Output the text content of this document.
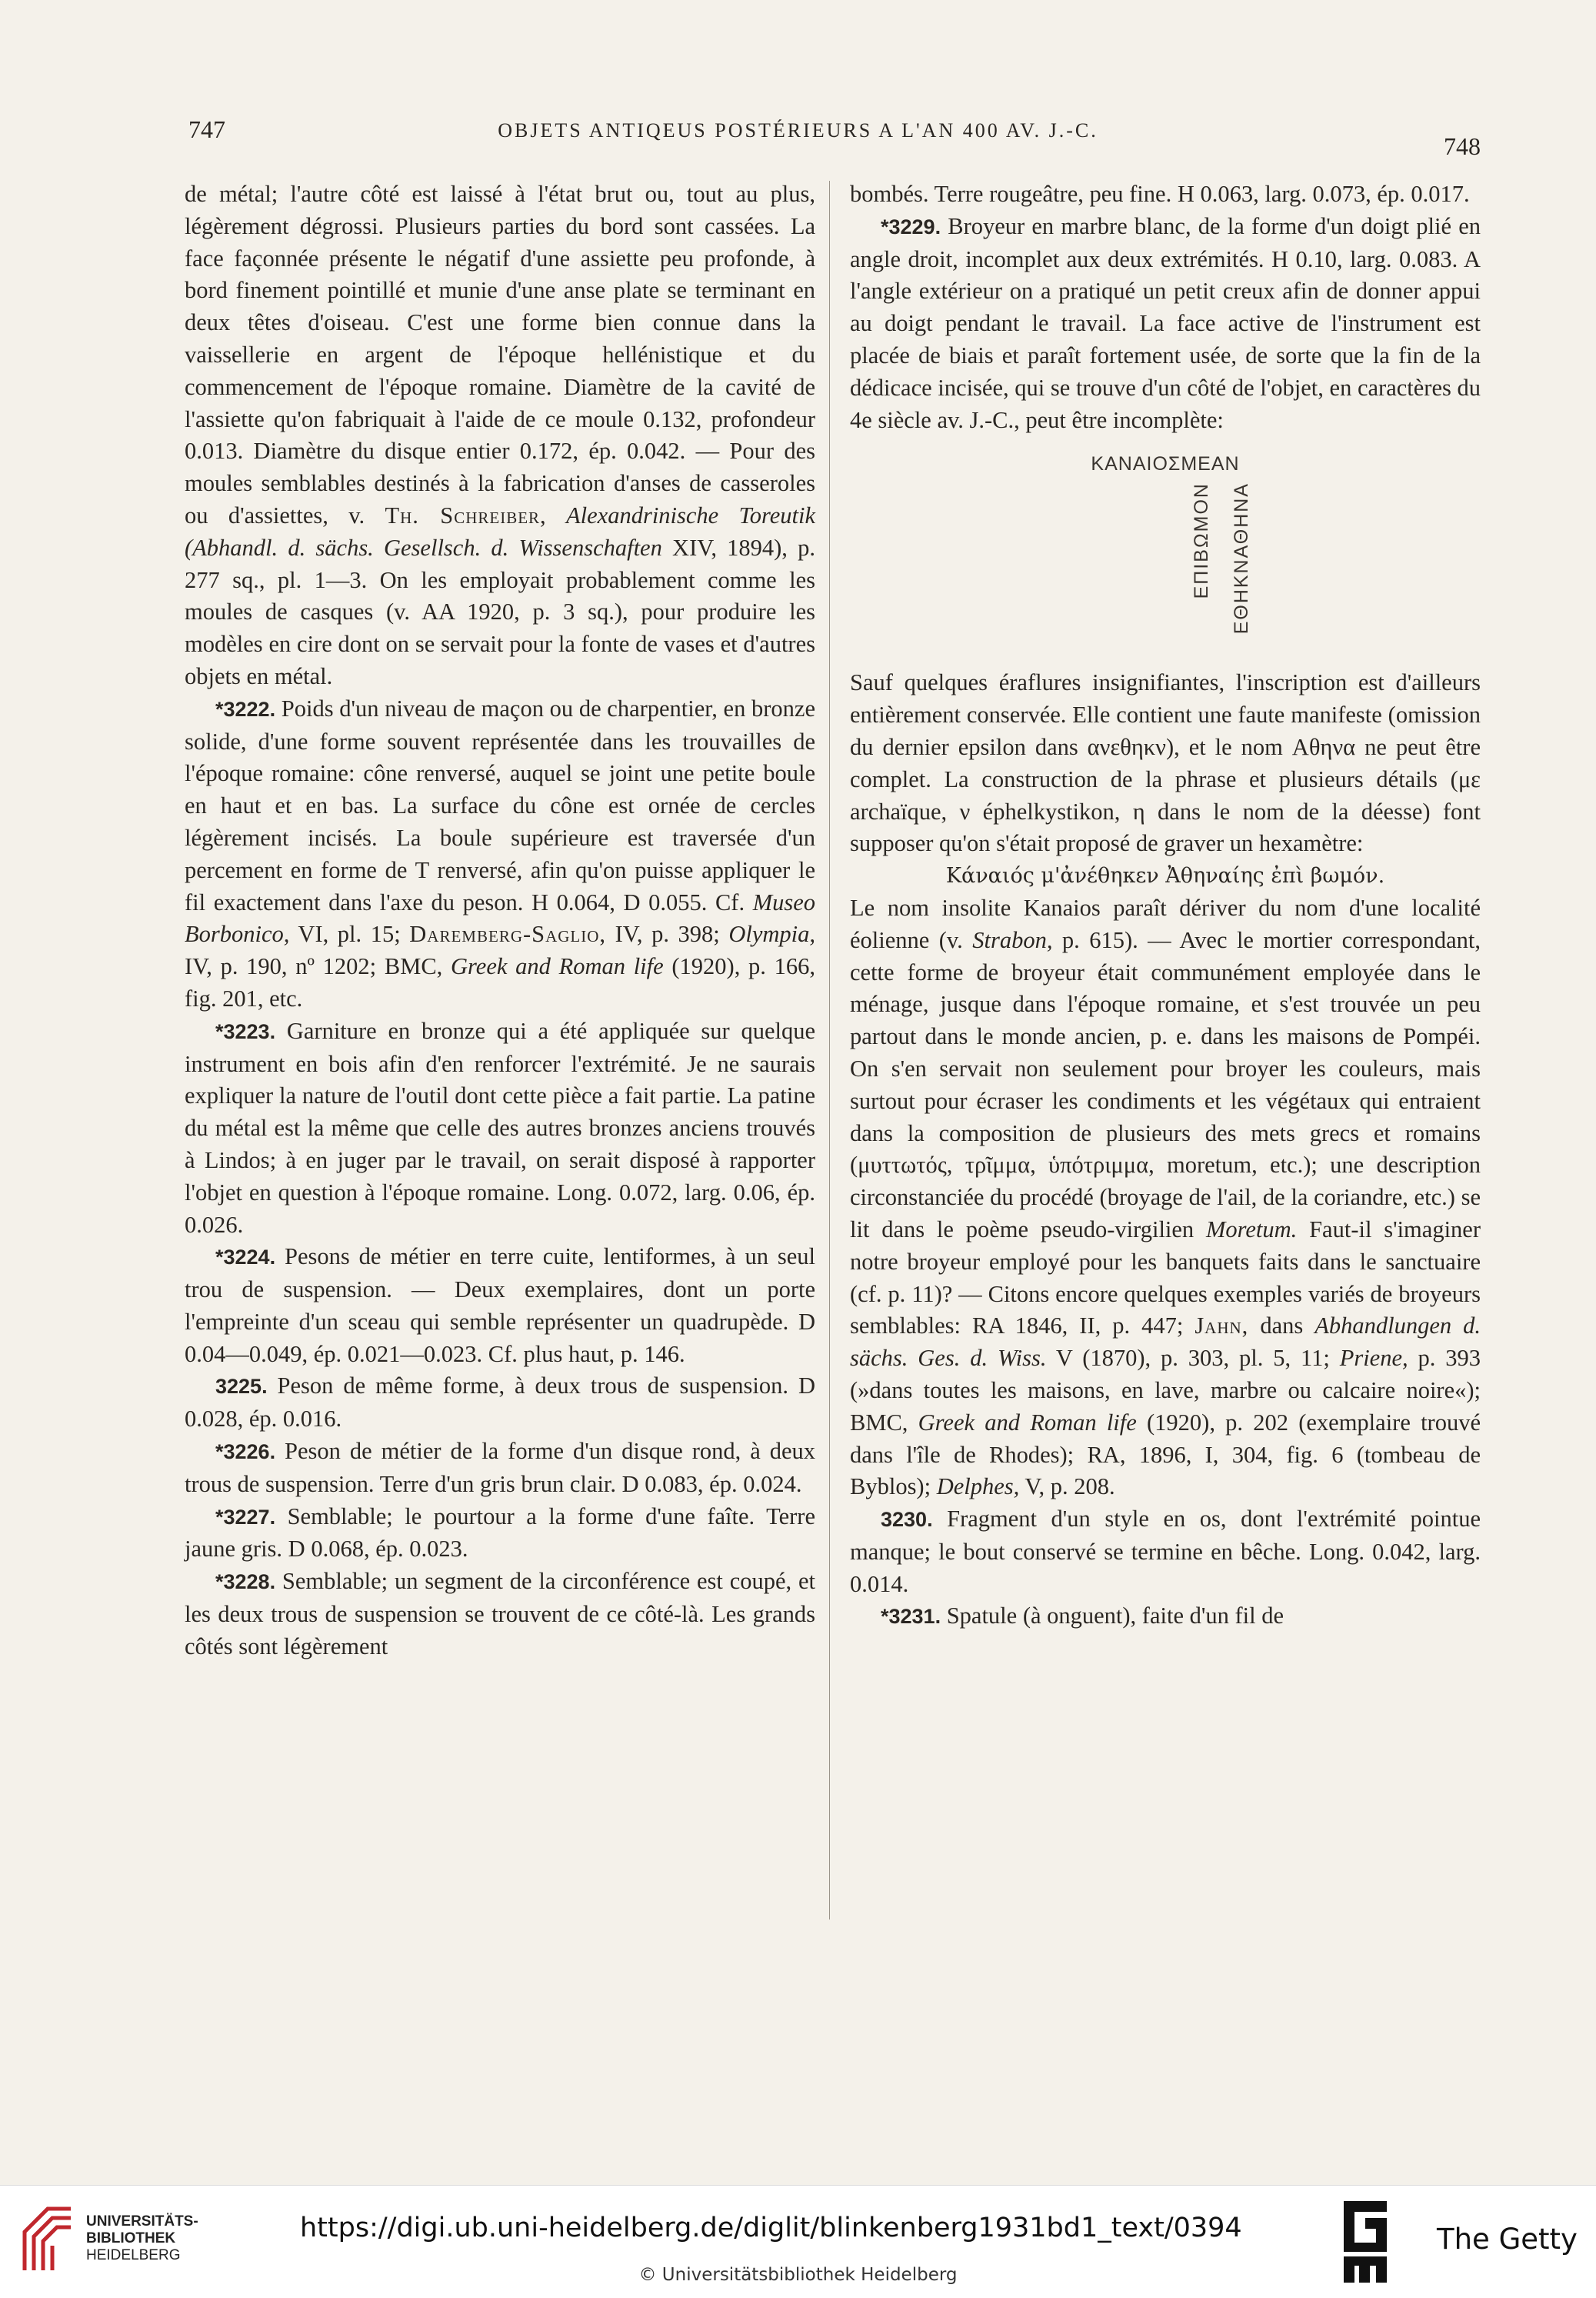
747	OBJETS ANTIQEUS POSTÉRIEURS A L'AN 400 AV. J.-C.
748

de métal; l'autre côté est laissé à l'état brut ou, tout au plus, légèrement dégrossi. Plusieurs parties du bord sont cassées. La face façonnée présente le négatif d'une assiette peu profonde, à bord finement pointillé et munie d'une anse plate se terminant en deux têtes d'oiseau. C'est une forme bien connue dans la vaissellerie en argent de l'époque hellénistique et du commencement de l'époque romaine. Diamètre de la cavité de l'assiette qu'on fabriquait à l'aide de ce moule 0.132, profondeur 0.013. Diamètre du disque entier 0.172, ép. 0.042. — Pour des moules semblables destinés à la fabrication d'anses de casseroles ou d'assiettes, v. Th. Schreiber, Alexandrinische Toreutik (Abhandl. d. sächs. Gesellsch. d. Wissenschaften XIV, 1894), p. 277 sq., pl. 1—3. On les employait probablement comme les moules de casques (v. AA 1920, p. 3 sq.), pour produire les modèles en cire dont on se servait pour la fonte de vases et d'autres objets en métal.

*3222. Poids d'un niveau de maçon ou de charpentier, en bronze solide, d'une forme souvent représentée dans les trouvailles de l'époque romaine: cône renversé, auquel se joint une petite boule en haut et en bas. La surface du cône est ornée de cercles légèrement incisés. La boule supérieure est traversée d'un percement en forme de T renversé, afin qu'on puisse appliquer le fil exactement dans l'axe du peson. H 0.064, D 0.055. Cf. Museo Borbonico, VI, pl. 15; Daremberg-Saglio, IV, p. 398; Olympia, IV, p. 190, nº 1202; BMC, Greek and Roman life (1920), p. 166, fig. 201, etc.

*3223. Garniture en bronze qui a été appliquée sur quelque instrument en bois afin d'en renforcer l'extrémité. Je ne saurais expliquer la nature de l'outil dont cette pièce a fait partie. La patine du métal est la même que celle des autres bronzes anciens trouvés à Lindos; à en juger par le travail, on serait disposé à rapporter l'objet en question à l'époque romaine. Long. 0.072, larg. 0.06, ép. 0.026.

*3224. Pesons de métier en terre cuite, lentiformes, à un seul trou de suspension. — Deux exemplaires, dont un porte l'empreinte d'un sceau qui semble représenter un quadrupède. D 0.04—0.049, ép. 0.021—0.023. Cf. plus haut, p. 146.

3225. Peson de même forme, à deux trous de suspension. D 0.028, ép. 0.016.

*3226. Peson de métier de la forme d'un disque rond, à deux trous de suspension. Terre d'un gris brun clair. D 0.083, ép. 0.024.

*3227. Semblable; le pourtour a la forme d'une faîte. Terre jaune gris. D 0.068, ép. 0.023.

*3228. Semblable; un segment de la circonférence est coupé, et les deux trous de suspension se trouvent de ce côté-là. Les grands côtés sont légèrement

bombés. Terre rougeâtre, peu fine. H 0.063, larg. 0.073, ép. 0.017.

*3229. Broyeur en marbre blanc, de la forme d'un doigt plié en angle droit, incomplet aux deux extrémités. H 0.10, larg. 0.083. A l'angle extérieur on a pratiqué un petit creux afin de donner appui au doigt pendant le travail. La face active de l'instrument est placée de biais et paraît fortement usée, de sorte que la fin de la dédicace incisée, qui se trouve d'un côté de l'objet, en caractères du 4e siècle av. J.-C., peut être incomplète:

ΚΑΝΑΙΟΣΜΕΑΝ
ΕΘΗΚΝΑΘΗΝΑ
ΕΠΙΒΩΜΟΝ

Sauf quelques éraflures insignifiantes, l'inscription est d'ailleurs entièrement conservée. Elle contient une faute manifeste (omission du dernier epsilon dans ανεθηκν), et le nom Αθηνα ne peut être complet. La construction de la phrase et plusieurs détails (με archaïque, ν éphelkystikon, η dans le nom de la déesse) font supposer qu'on s'était proposé de graver un hexamètre:

Κάναιός μ'ἀνέθηκεν Ἀθηναίης ἐπὶ βωμόν.

Le nom insolite Kanaios paraît dériver du nom d'une localité éolienne (v. Strabon, p. 615). — Avec le mortier correspondant, cette forme de broyeur était communément employée dans le ménage, jusque dans l'époque romaine, et s'est trouvée un peu partout dans le monde ancien, p. e. dans les maisons de Pompéi. On s'en servait non seulement pour broyer les couleurs, mais surtout pour écraser les condiments et les végétaux qui entraient dans la composition de plusieurs des mets grecs et romains (μυττωτός, τρῖμμα, ὑπότριμμα, moretum, etc.); une description circonstanciée du procédé (broyage de l'ail, de la coriandre, etc.) se lit dans le poème pseudo-virgilien Moretum. Faut-il s'imaginer notre broyeur employé pour les banquets faits dans le sanctuaire (cf. p. 11)? — Citons encore quelques exemples variés de broyeurs semblables: RA 1846, II, p. 447; Jahn, dans Abhandlungen d. sächs. Ges. d. Wiss. V (1870), p. 303, pl. 5, 11; Priene, p. 393 (»dans toutes les maisons, en lave, marbre ou calcaire noire«); BMC, Greek and Roman life (1920), p. 202 (exemplaire trouvé dans l'île de Rhodes); RA, 1896, I, 304, fig. 6 (tombeau de Byblos); Delphes, V, p. 208.

3230. Fragment d'un style en os, dont l'extrémité pointue manque; le bout conservé se termine en bêche. Long. 0.042, larg. 0.014.

*3231. Spatule (à onguent), faite d'un fil de

UNIVERSITÄTS-
BIBLIOTHEK
HEIDELBERG
https://digi.ub.uni-heidelberg.de/diglit/blinkenberg1931bd1_text/0394
© Universitätsbibliothek Heidelberg
The Getty
